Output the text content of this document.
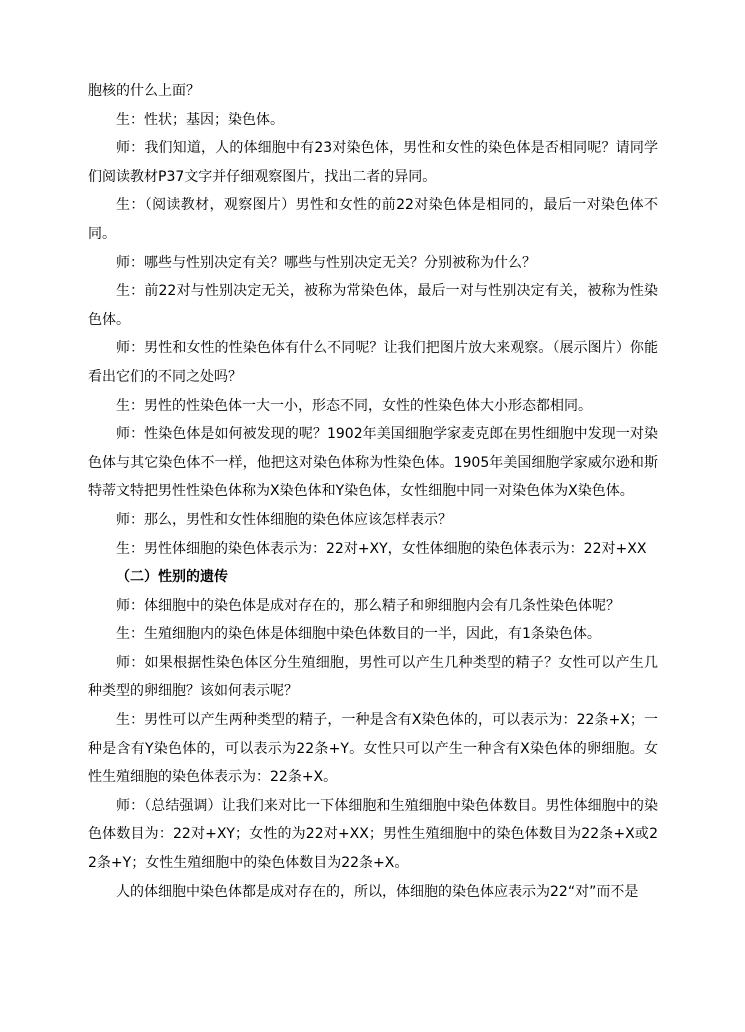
胞核的什么上面？

生：性状；基因；染色体。

师：我们知道，人的体细胞中有23对染色体，男性和女性的染色体是否相同呢？请同学们阅读教材P37文字并仔细观察图片，找出二者的异同。

生：（阅读教材，观察图片）男性和女性的前22对染色体是相同的，最后一对染色体不同。

师：哪些与性别决定有关？哪些与性别决定无关？分别被称为什么？

生：前22对与性别决定无关，被称为常染色体，最后一对与性别决定有关，被称为性染色体。

师：男性和女性的性染色体有什么不同呢？让我们把图片放大来观察。（展示图片）你能看出它们的不同之处吗？

生：男性的性染色体一大一小，形态不同，女性的性染色体大小形态都相同。

师：性染色体是如何被发现的呢？1902年美国细胞学家麦克郎在男性细胞中发现一对染色体与其它染色体不一样，他把这对染色体称为性染色体。1905年美国细胞学家威尔逊和斯特蒂文特把男性性染色体称为X染色体和Y染色体，女性细胞中同一对染色体为X染色体。

师：那么，男性和女性体细胞的染色体应该怎样表示？

生：男性体细胞的染色体表示为：22对+XY，女性体细胞的染色体表示为：22对+XX

（二）性别的遗传

师：体细胞中的染色体是成对存在的，那么精子和卵细胞内会有几条性染色体呢？

生：生殖细胞内的染色体是体细胞中染色体数目的一半，因此，有1条染色体。

师：如果根据性染色体区分生殖细胞，男性可以产生几种类型的精子？女性可以产生几种类型的卵细胞？该如何表示呢？

生：男性可以产生两种类型的精子，一种是含有X染色体的，可以表示为：22条+X；一种是含有Y染色体的，可以表示为22条+Y。女性只可以产生一种含有X染色体的卵细胞。女性生殖细胞的染色体表示为：22条+X。

师：（总结强调）让我们来对比一下体细胞和生殖细胞中染色体数目。男性体细胞中的染色体数目为：22对+XY；女性的为22对+XX；男性生殖细胞中的染色体数目为22条+X或22条+Y；女性生殖细胞中的染色体数目为22条+X。

人的体细胞中染色体都是成对存在的，所以，体细胞的染色体应表示为22“对”而不是
